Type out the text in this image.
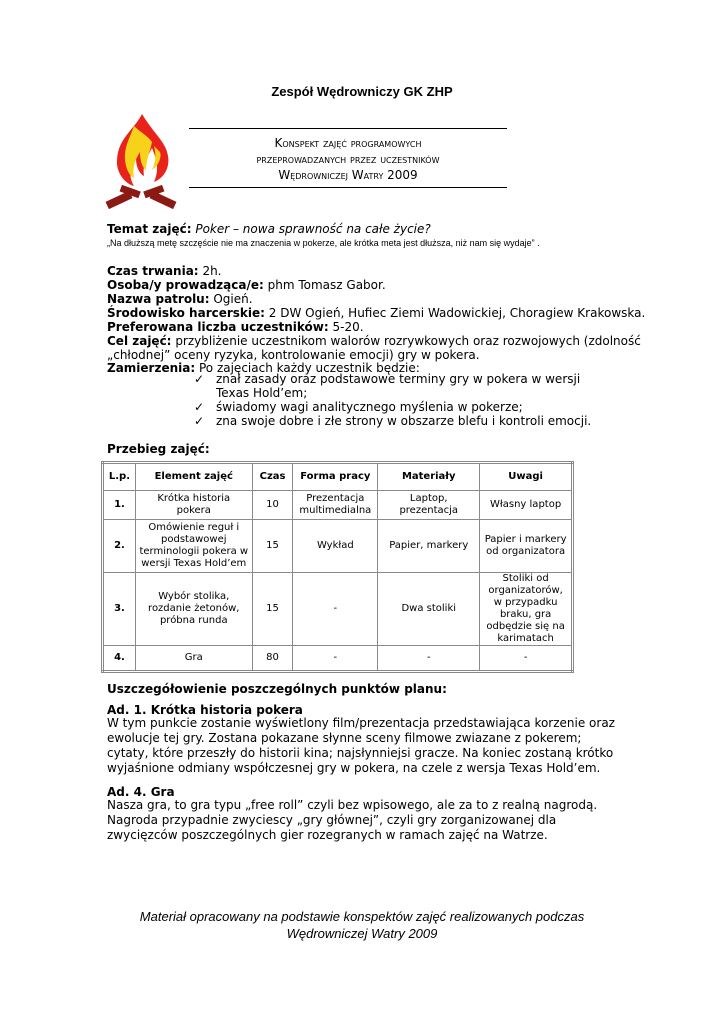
Zespół Wędrowniczy GK ZHP
Konspekt zajęć programowych
przeprowadzanych przez uczestników
Wędrowniczej Watry 2009
Temat zajęć: Poker – nowa sprawność na całe życie?
„Na dłuższą metę szczęście nie ma znaczenia w pokerze, ale krótka meta jest dłuższa, niż nam się wydaje” .
Czas trwania: 2h.
Osoba/y prowadząca/e: phm Tomasz Gabor.
Nazwa patrolu: Ogień.
Środowisko harcerskie: 2 DW Ogień, Hufiec Ziemi Wadowickiej, Choragiew Krakowska.
Preferowana liczba uczestników: 5-20.
Cel zajęć: przybliżenie uczestnikom walorów rozrywkowych oraz rozwojowych (zdolność
„chłodnej” oceny ryzyka, kontrolowanie emocji) gry w pokera.
Zamierzenia: Po zajęciach każdy uczestnik będzie:
✓ znał zasady oraz podstawowe terminy gry w pokera w wersji Texas Hold’em;
✓ świadomy wagi analitycznego myślenia w pokerze;
✓ zna swoje dobre i złe strony w obszarze blefu i kontroli emocji.
Przebieg zajęć:
L.p.	Element zajęć	Czas	Forma pracy	Materiały	Uwagi
1.	Krótka historia pokera	10	Prezentacja multimedialna	Laptop, prezentacja	Własny laptop
2.	Omówienie reguł i podstawowej terminologii pokera w wersji Texas Hold’em	15	Wykład	Papier, markery	Papier i markery od organizatora
3.	Wybór stolika, rozdanie żetonów, próbna runda	15	-	Dwa stoliki	Stoliki od organizatorów, w przypadku braku, gra odbędzie się na karimatach
4.	Gra	80	-	-	-
Uszczegółowienie poszczególnych punktów planu:
Ad. 1. Krótka historia pokera
W tym punkcie zostanie wyświetlony film/prezentacja przedstawiająca korzenie oraz ewolucje tej gry. Zostana pokazane słynne sceny filmowe zwiazane z pokerem; cytaty, które przeszły do historii kina; najsłynniejsi gracze. Na koniec zostaną krótko wyjaśnione odmiany współczesnej gry w pokera, na czele z wersja Texas Hold’em.
Ad. 4. Gra
Nasza gra, to gra typu „free roll” czyli bez wpisowego, ale za to z realną nagrodą. Nagroda przypadnie zwyciescy „gry głównej”, czyli gry zorganizowanej dla zwycięzców poszczególnych gier rozegranych w ramach zajęć na Watrze.
Materiał opracowany na podstawie konspektów zajęć realizowanych podczas
Wędrowniczej Watry 2009
